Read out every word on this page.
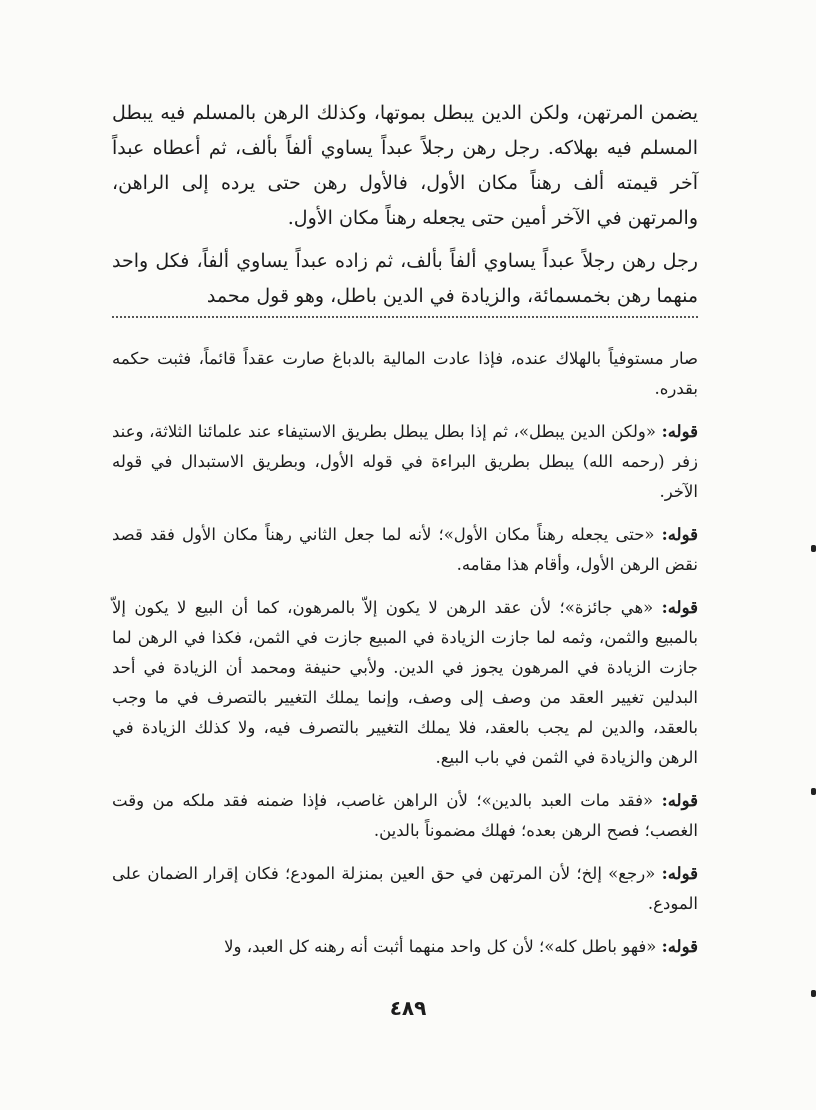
يضمن المرتهن، ولكن الدين يبطل بموتها، وكذلك الرهن بالمسلم فيه يبطل المسلم فيه بهلاكه. رجل رهن رجلاً عبداً يساوي ألفاً بألف، ثم أعطاه عبداً آخر قيمته ألف رهناً مكان الأول، فالأول رهن حتى يرده إلى الراهن، والمرتهن في الآخر أمين حتى يجعله رهناً مكان الأول.

رجل رهن رجلاً عبداً يساوي ألفاً بألف، ثم زاده عبداً يساوي ألفاً، فكل واحد منهما رهن بخمسمائة، والزيادة في الدين باطل، وهو قول محمد

صار مستوفياً بالهلاك عنده، فإذا عادت المالية بالدباغ صارت عقداً قائماً، فثبت حكمه بقدره.

قوله: «ولكن الدين يبطل»، ثم إذا بطل يبطل بطريق الاستيفاء عند علمائنا الثلاثة، وعند زفر (رحمه الله) يبطل بطريق البراءة في قوله الأول، وبطريق الاستبدال في قوله الآخر.

قوله: «حتى يجعله رهناً مكان الأول»؛ لأنه لما جعل الثاني رهناً مكان الأول فقد قصد نقض الرهن الأول، وأقام هذا مقامه.

قوله: «هي جائزة»؛ لأن عقد الرهن لا يكون إلاّ بالمرهون، كما أن البيع لا يكون إلاّ بالمبيع والثمن، وثمه لما جازت الزيادة في المبيع جازت في الثمن، فكذا في الرهن لما جازت الزيادة في المرهون يجوز في الدين. ولأبي حنيفة ومحمد أن الزيادة في أحد البدلين تغيير العقد من وصف إلى وصف، وإنما يملك التغيير بالتصرف في ما وجب بالعقد، والدين لم يجب بالعقد، فلا يملك التغيير بالتصرف فيه، ولا كذلك الزيادة في الرهن والزيادة في الثمن في باب البيع.

قوله: «فقد مات العبد بالدين»؛ لأن الراهن غاصب، فإذا ضمنه فقد ملكه من وقت الغصب؛ فصح الرهن بعده؛ فهلك مضموناً بالدين.

قوله: «رجع» إلخ؛ لأن المرتهن في حق العين بمنزلة المودع؛ فكان إقرار الضمان على المودع.

قوله: «فهو باطل كله»؛ لأن كل واحد منهما أثبت أنه رهنه كل العبد، ولا

٤٨٩
